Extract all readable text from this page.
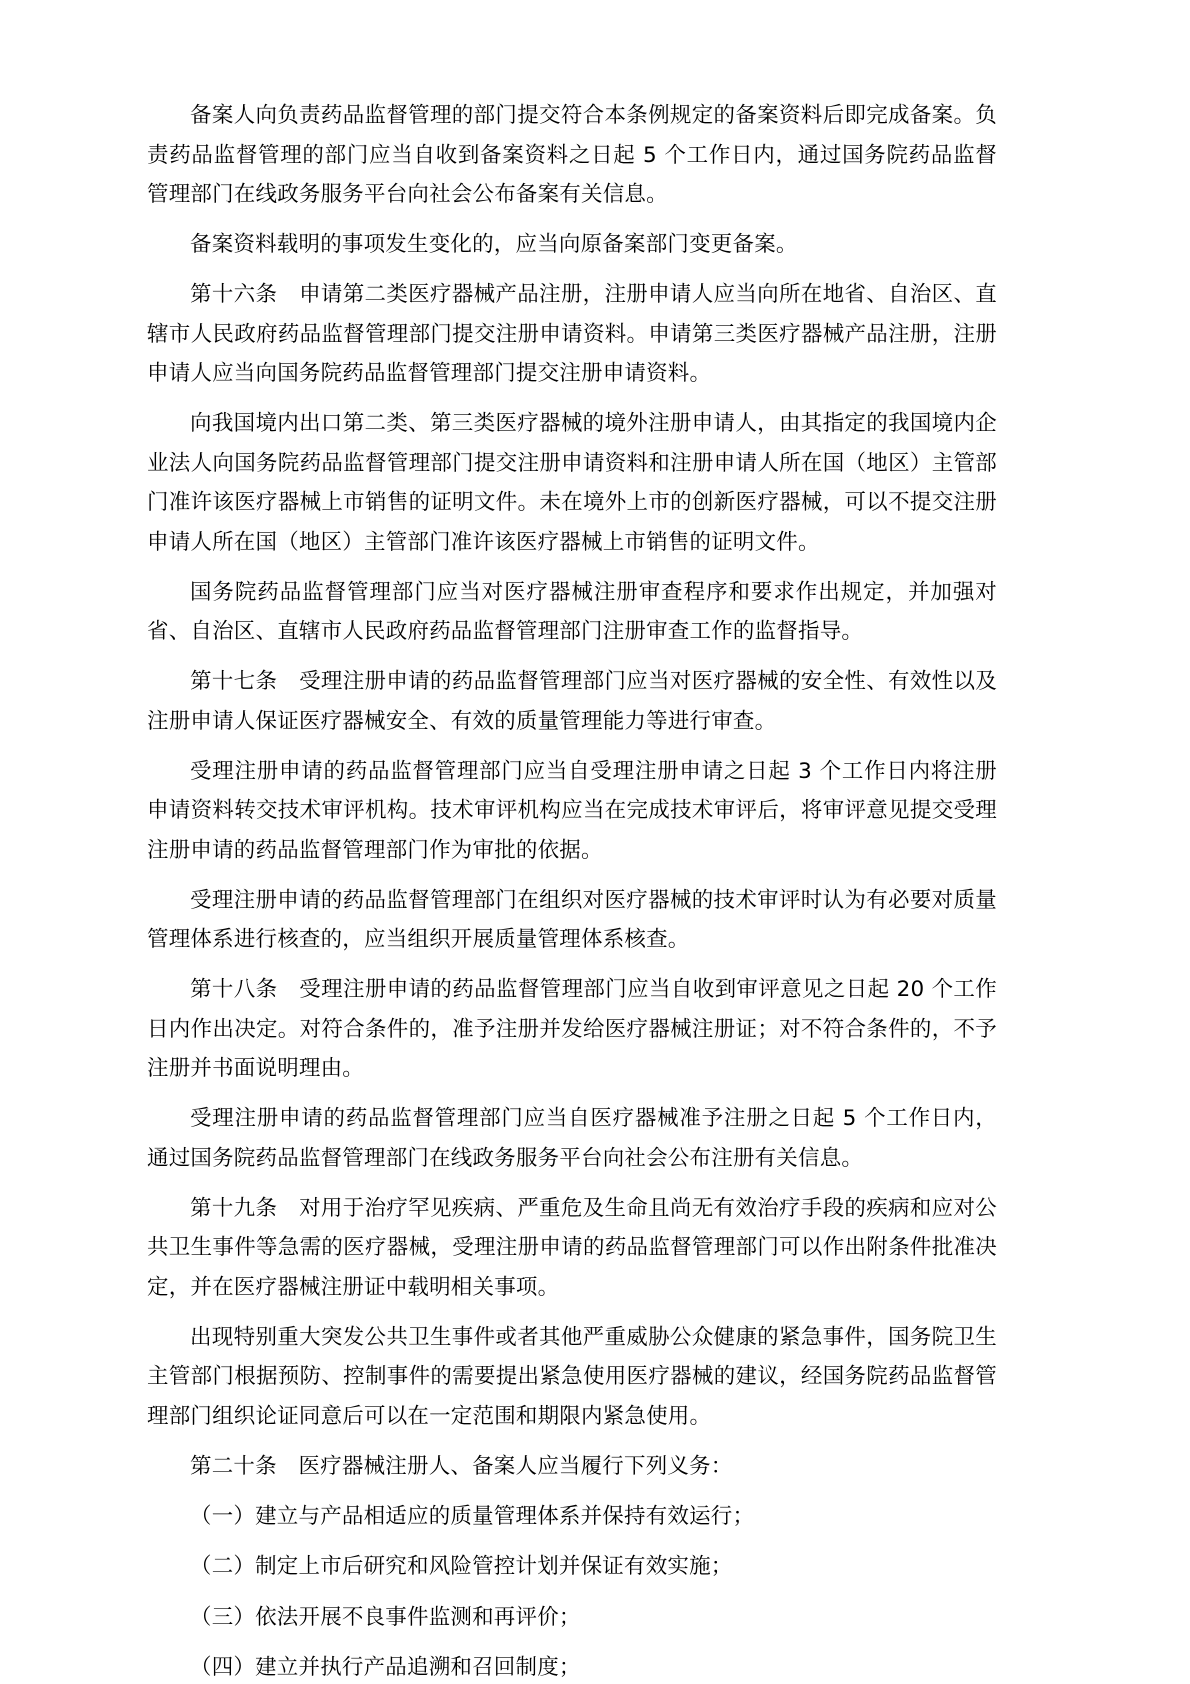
备案人向负责药品监督管理的部门提交符合本条例规定的备案资料后即完成备案。负责药品监督管理的部门应当自收到备案资料之日起 5 个工作日内，通过国务院药品监督管理部门在线政务服务平台向社会公布备案有关信息。

备案资料载明的事项发生变化的，应当向原备案部门变更备案。

第十六条　申请第二类医疗器械产品注册，注册申请人应当向所在地省、自治区、直辖市人民政府药品监督管理部门提交注册申请资料。申请第三类医疗器械产品注册，注册申请人应当向国务院药品监督管理部门提交注册申请资料。

向我国境内出口第二类、第三类医疗器械的境外注册申请人，由其指定的我国境内企业法人向国务院药品监督管理部门提交注册申请资料和注册申请人所在国（地区）主管部门准许该医疗器械上市销售的证明文件。未在境外上市的创新医疗器械，可以不提交注册申请人所在国（地区）主管部门准许该医疗器械上市销售的证明文件。

国务院药品监督管理部门应当对医疗器械注册审查程序和要求作出规定，并加强对省、自治区、直辖市人民政府药品监督管理部门注册审查工作的监督指导。

第十七条　受理注册申请的药品监督管理部门应当对医疗器械的安全性、有效性以及注册申请人保证医疗器械安全、有效的质量管理能力等进行审查。

受理注册申请的药品监督管理部门应当自受理注册申请之日起 3 个工作日内将注册申请资料转交技术审评机构。技术审评机构应当在完成技术审评后，将审评意见提交受理注册申请的药品监督管理部门作为审批的依据。

受理注册申请的药品监督管理部门在组织对医疗器械的技术审评时认为有必要对质量管理体系进行核查的，应当组织开展质量管理体系核查。

第十八条　受理注册申请的药品监督管理部门应当自收到审评意见之日起 20 个工作日内作出决定。对符合条件的，准予注册并发给医疗器械注册证；对不符合条件的，不予注册并书面说明理由。

受理注册申请的药品监督管理部门应当自医疗器械准予注册之日起 5 个工作日内，通过国务院药品监督管理部门在线政务服务平台向社会公布注册有关信息。

第十九条　对用于治疗罕见疾病、严重危及生命且尚无有效治疗手段的疾病和应对公共卫生事件等急需的医疗器械，受理注册申请的药品监督管理部门可以作出附条件批准决定，并在医疗器械注册证中载明相关事项。

出现特别重大突发公共卫生事件或者其他严重威胁公众健康的紧急事件，国务院卫生主管部门根据预防、控制事件的需要提出紧急使用医疗器械的建议，经国务院药品监督管理部门组织论证同意后可以在一定范围和期限内紧急使用。

第二十条　医疗器械注册人、备案人应当履行下列义务：

（一）建立与产品相适应的质量管理体系并保持有效运行；

（二）制定上市后研究和风险管控计划并保证有效实施；

（三）依法开展不良事件监测和再评价；

（四）建立并执行产品追溯和召回制度；
